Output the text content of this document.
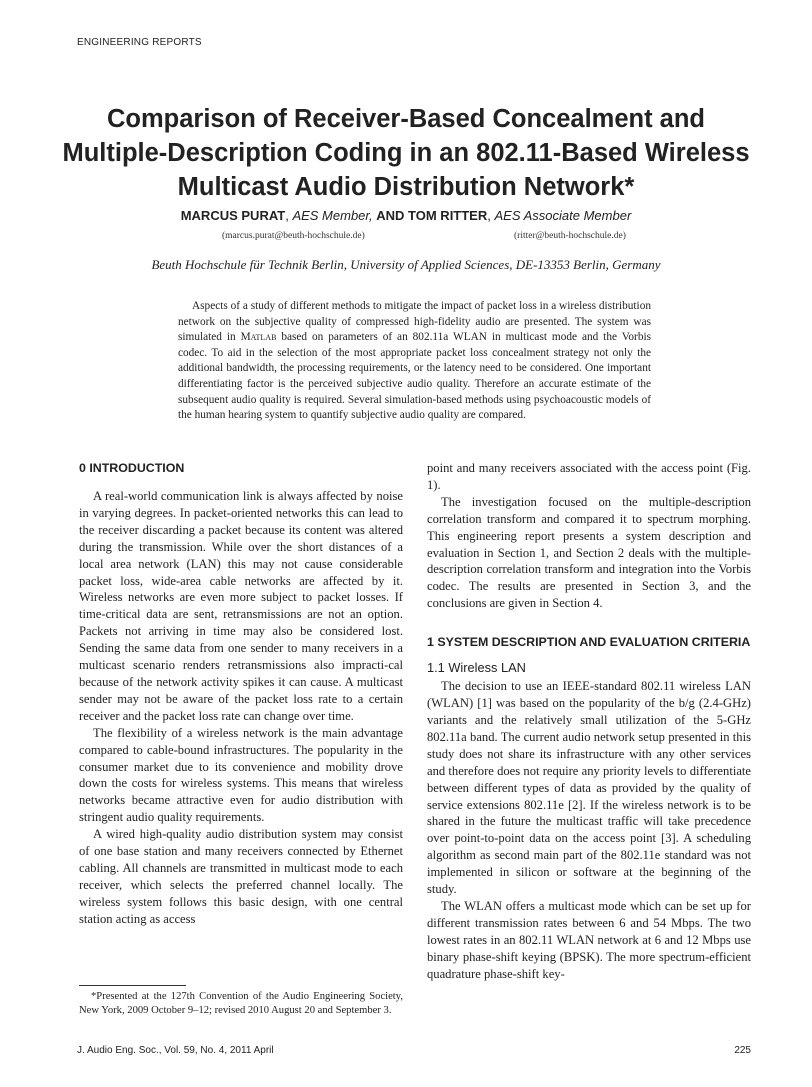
ENGINEERING REPORTS
Comparison of Receiver-Based Concealment and Multiple-Description Coding in an 802.11-Based Wireless Multicast Audio Distribution Network*
MARCUS PURAT, AES Member, AND TOM RITTER, AES Associate Member
(marcus.purat@beuth-hochschule.de)	(ritter@beuth-hochschule.de)
Beuth Hochschule für Technik Berlin, University of Applied Sciences, DE-13353 Berlin, Germany

Aspects of a study of different methods to mitigate the impact of packet loss in a wireless distribution network on the subjective quality of compressed high-fidelity audio are presented. The system was simulated in Matlab based on parameters of an 802.11a WLAN in multicast mode and the Vorbis codec. To aid in the selection of the most appropriate packet loss concealment strategy not only the additional bandwidth, the processing requirements, or the latency need to be considered. One important differentiating factor is the perceived subjective audio quality. Therefore an accurate estimate of the subsequent audio quality is required. Several simulation-based methods using psychoacoustic models of the human hearing system to quantify subjective audio quality are compared.

0 INTRODUCTION

A real-world communication link is always affected by noise in varying degrees. In packet-oriented networks this can lead to the receiver discarding a packet because its content was altered during the transmission. While over the short distances of a local area network (LAN) this may not cause considerable packet loss, wide-area cable networks are affected by it. Wireless networks are even more subject to packet losses. If time-critical data are sent, retransmissions are not an option. Packets not arriving in time may also be considered lost. Sending the same data from one sender to many receivers in a multicast scenario renders retransmissions also impracti-cal because of the network activity spikes it can cause. A multicast sender may not be aware of the packet loss rate to a certain receiver and the packet loss rate can change over time.

The flexibility of a wireless network is the main advantage compared to cable-bound infrastructures. The popularity in the consumer market due to its convenience and mobility drove down the costs for wireless systems. This means that wireless networks became attractive even for audio distribution with stringent audio quality requirements.

A wired high-quality audio distribution system may consist of one base station and many receivers connected by Ethernet cabling. All channels are transmitted in multicast mode to each receiver, which selects the preferred channel locally. The wireless system follows this basic design, with one central station acting as access

point and many receivers associated with the access point (Fig. 1).

The investigation focused on the multiple-description correlation transform and compared it to spectrum morphing. This engineering report presents a system description and evaluation in Section 1, and Section 2 deals with the multiple-description correlation transform and integration into the Vorbis codec. The results are presented in Section 3, and the conclusions are given in Section 4.

1 SYSTEM DESCRIPTION AND EVALUATION CRITERIA
1.1 Wireless LAN

The decision to use an IEEE-standard 802.11 wireless LAN (WLAN) [1] was based on the popularity of the b/g (2.4-GHz) variants and the relatively small utilization of the 5-GHz 802.11a band. The current audio network setup presented in this study does not share its infrastructure with any other services and therefore does not require any priority levels to differentiate between different types of data as provided by the quality of service extensions 802.11e [2]. If the wireless network is to be shared in the future the multicast traffic will take precedence over point-to-point data on the access point [3]. A scheduling algorithm as second main part of the 802.11e standard was not implemented in silicon or software at the beginning of the study.

The WLAN offers a multicast mode which can be set up for different transmission rates between 6 and 54 Mbps. The two lowest rates in an 802.11 WLAN network at 6 and 12 Mbps use binary phase-shift keying (BPSK). The more spectrum-efficient quadrature phase-shift key-

*Presented at the 127th Convention of the Audio Engineering Society, New York, 2009 October 9–12; revised 2010 August 20 and September 3.

J. Audio Eng. Soc., Vol. 59, No. 4, 2011 April	225
